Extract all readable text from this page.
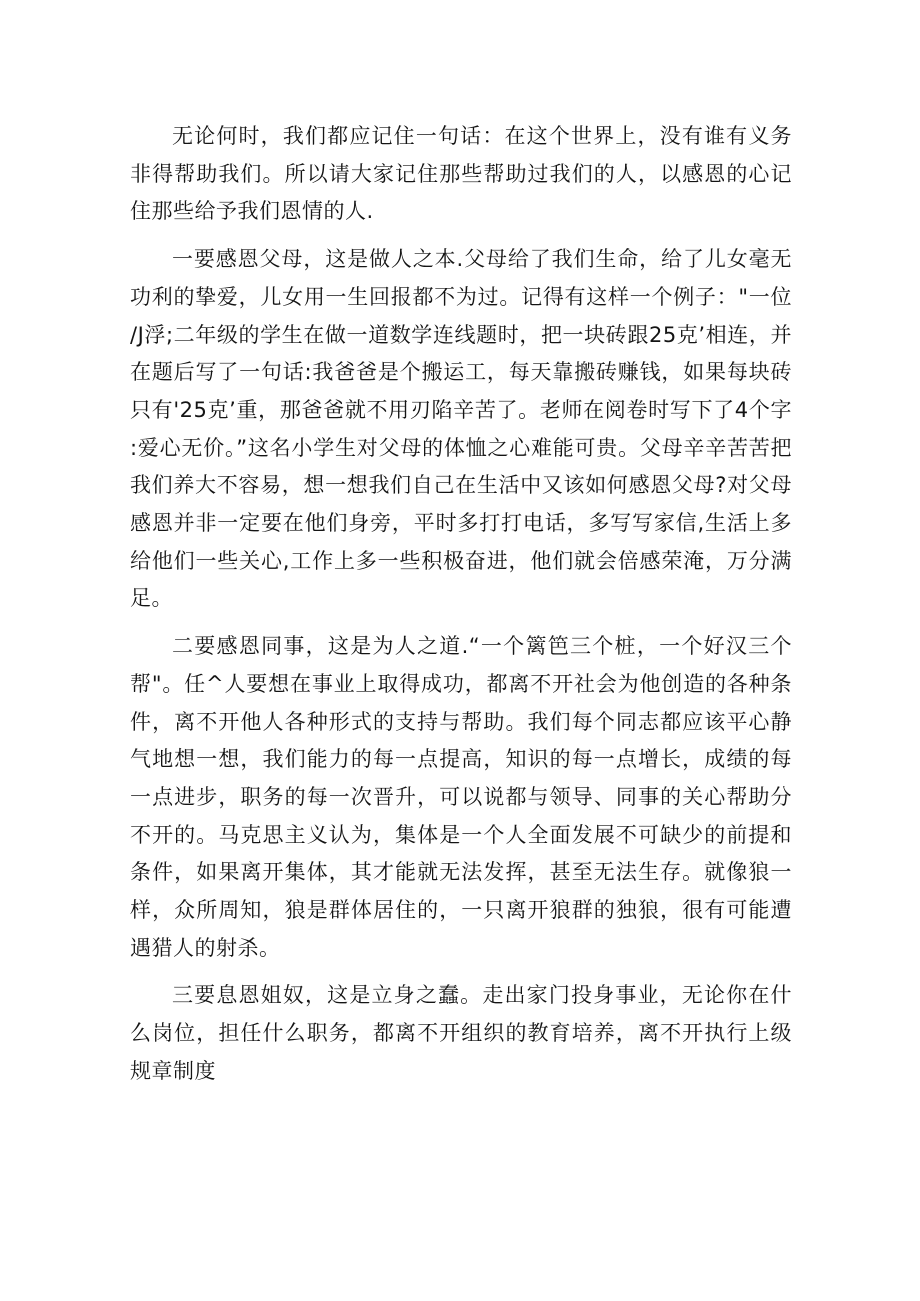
无论何时，我们都应记住一句话：在这个世界上，没有谁有义务非得帮助我们。所以请大家记住那些帮助过我们的人，以感恩的心记住那些给予我们恩情的人.

一要感恩父母，这是做人之本.父母给了我们生命，给了儿女毫无功利的挚爱，儿女用一生回报都不为过。记得有这样一个例子："一位/J浮;二年级的学生在做一道数学连线题时，把一块砖跟25克’相连，并在题后写了一句话:我爸爸是个搬运工，每天靠搬砖赚钱，如果每块砖只有'25克’重，那爸爸就不用刃陷辛苦了。老师在阅卷时写下了4个字:爱心无价。”这名小学生对父母的体恤之心难能可贵。父母辛辛苦苦把我们养大不容易，想一想我们自己在生活中又该如何感恩父母?对父母感恩并非一定要在他们身旁，平时多打打电话，多写写家信,生活上多给他们一些关心,工作上多一些积极奋进，他们就会倍感荣淹，万分满足。

二要感恩同事，这是为人之道.“一个篱笆三个桩，一个好汉三个帮"。任^人要想在事业上取得成功，都离不开社会为他创造的各种条件，离不开他人各种形式的支持与帮助。我们每个同志都应该平心静气地想一想，我们能力的每一点提高，知识的每一点增长，成绩的每一点进步，职务的每一次晋升，可以说都与领导、同事的关心帮助分不开的。马克思主义认为，集体是一个人全面发展不可缺少的前提和条件，如果离开集体，其才能就无法发挥，甚至无法生存。就像狼一样，众所周知，狼是群体居住的，一只离开狼群的独狼，很有可能遭遇猎人的射杀。

三要息恩姐奴，这是立身之蠢。走出家门投身事业，无论你在什么岗位，担任什么职务，都离不开组织的教育培养，离不开执行上级规章制度
